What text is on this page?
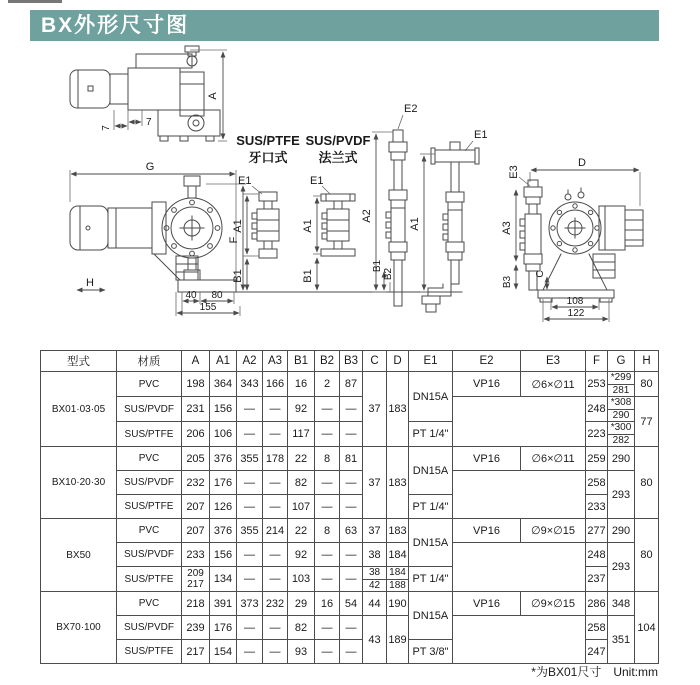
BX外形尺寸图
A
7	7
G
F
H
40 80
155
SUS/PTFE
牙口式
SUS/PVDF
法兰式
E1
A1
B1
E1
A1
B1
E2
A2
B1
B2
E1
A1
D
E3
A3
B3
C
108
122
型式	材质	A	A1	A2	A3	B1	B2	B3	C	D	E1	E2	E3	F	G	H
BX01·03·05	PVC	198	364	343	166	16	2	87	37	183	DN15A	VP16	∅6×∅11	253	*299
281	80
	SUS/PVDF	231	156	—	—	92	—	—						248	*308
290	77
	SUS/PTFE	206	106	—	—	117	—	—			PT 1/4"			223	*300
282	

BX10·20·30	PVC	205	376	355	178	22	8	81	37	183	DN15A	VP16	∅6×∅11	259	290	80
	SUS/PVDF	232	176	—	—	82	—	—						258	293	
	SUS/PTFE	207	126	—	—	107	—	—			PT 1/4"			233		
BX50	PVC	207	376	355	214	22	8	63	37	183	DN15A	VP16	∅9×∅15	277	290	80
	SUS/PVDF	233	156	—	—	92	—	—	38	184				248	293	
SUS/PTFE	
209
217	134	—	—	103	—	—	
38
42

184
188	PT 1/4"	237
BX70·100	PVC	218	391	373	232	29	16	54	44	190	DN15A	VP16	∅9×∅15	286	348	104
	SUS/PVDF	239	176	—	—	82	—	—	43	189				258	351	
	SUS/PTFE	217	154	—	—	93	—	—			PT 3/8"			247		
*为BX01尺寸　Unit:mm
